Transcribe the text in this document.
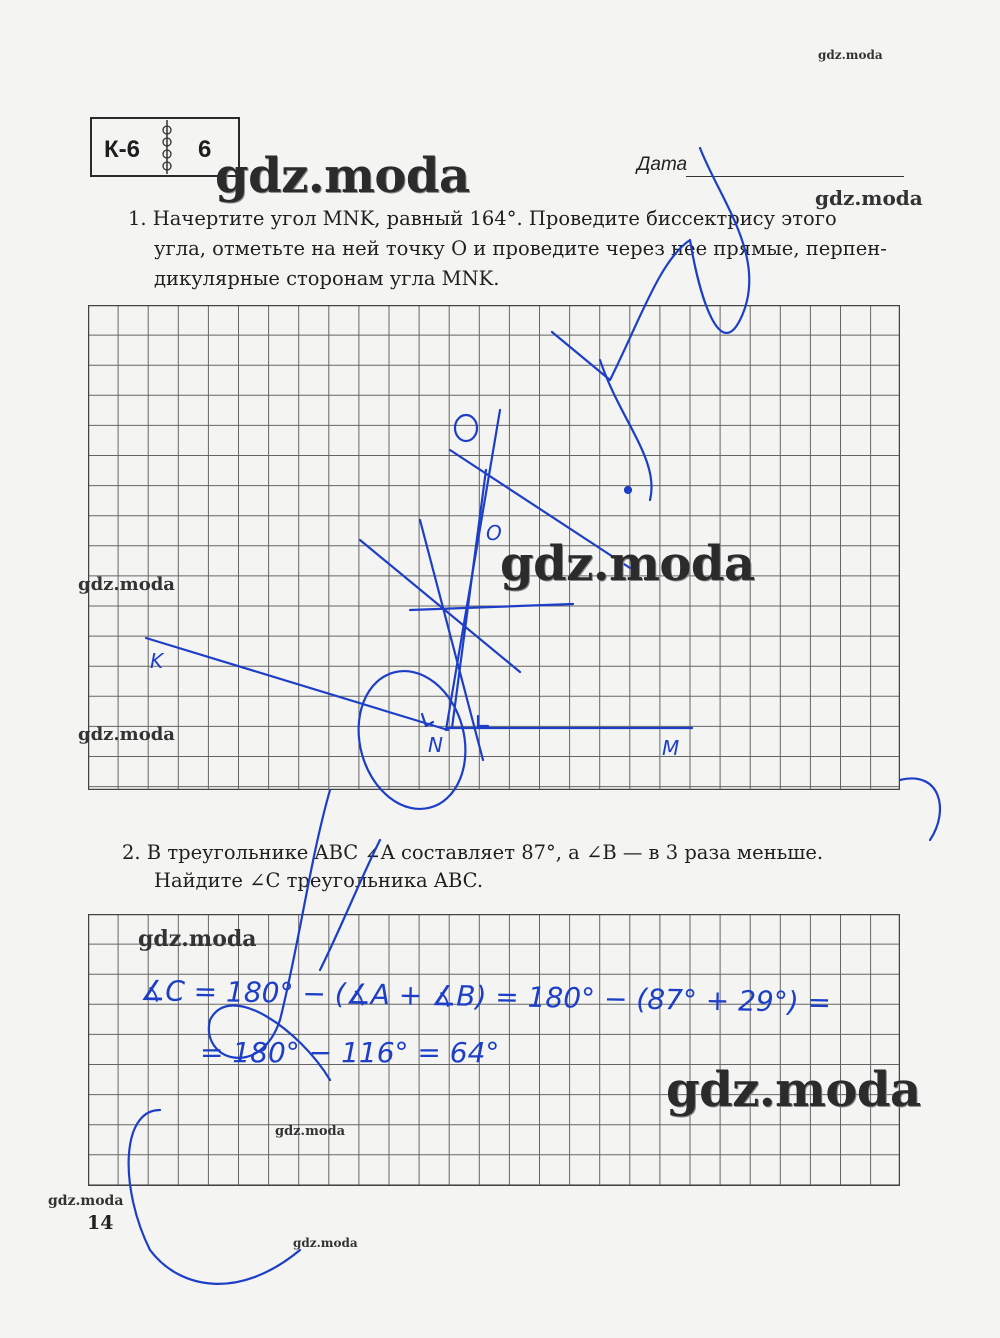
К-6 6
Дата
1. Начертите угол MNK, равный 164°. Проведите биссектрису этого
угла, отметьте на ней точку O и проведите через нее прямые, перпен-
дикулярные сторонам угла MNK.
2. В треугольнике ABC ∠A составляет 87°, а ∠B — в 3 раза меньше.
Найдите ∠C треугольника ABC.
K
N	M
O
∡C = 180° − (∡A + ∡B) = 180° − (87° + 29°) =
= 180° − 116° = 64°
gdz.moda
gdz.moda
gdz.moda
gdz.moda
gdz.moda
gdz.moda
gdz.moda
gdz.moda
gdz.moda
gdz.moda
gdz.moda
14
